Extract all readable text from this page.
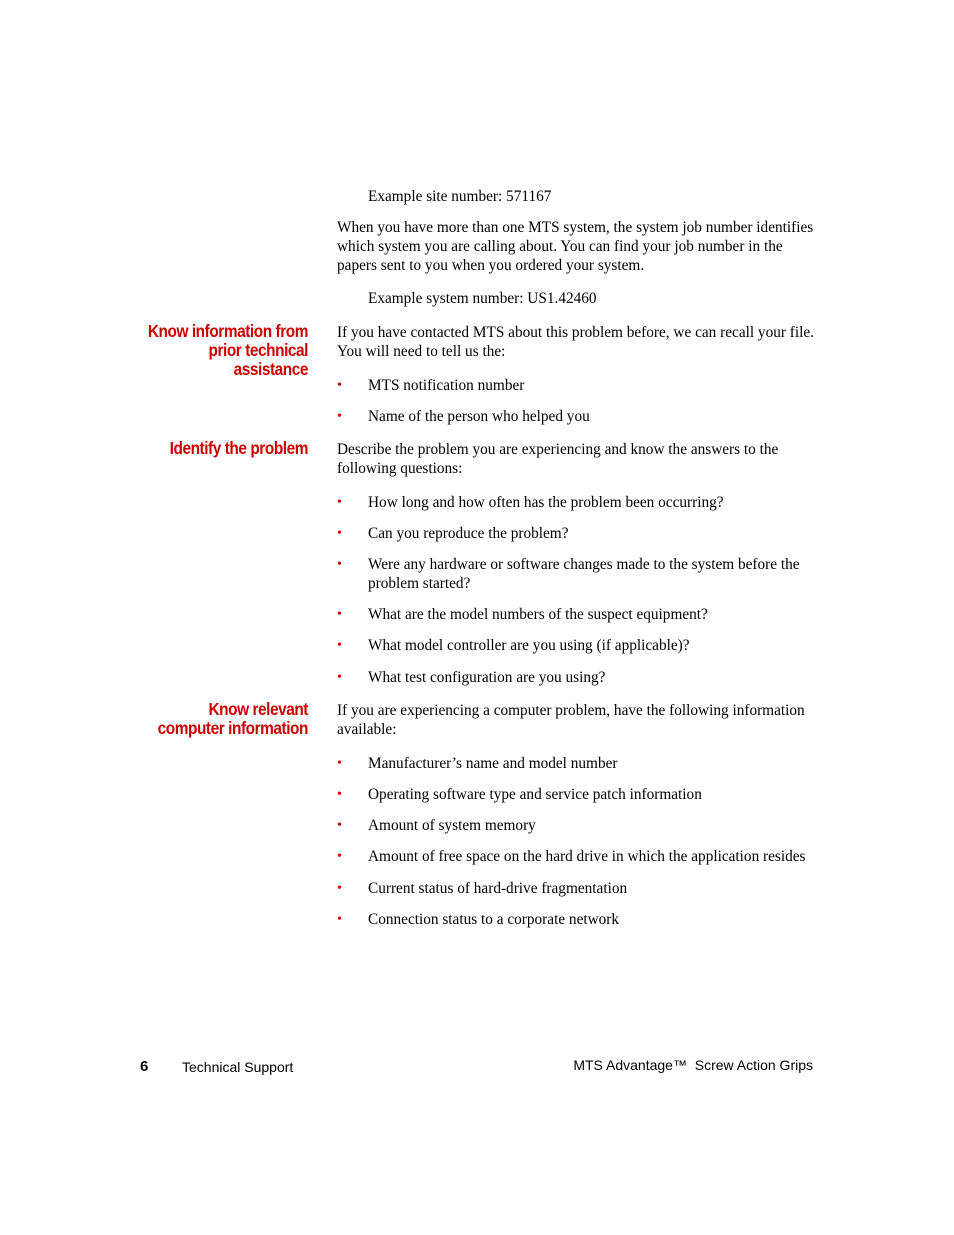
Example site number: 571167
When you have more than one MTS system, the system job number identifies which system you are calling about. You can find your job number in the papers sent to you when you ordered your system.
Example system number: US1.42460
Know information from
prior technical
assistance
If you have contacted MTS about this problem before, we can recall your file. You will need to tell us the:
• MTS notification number
• Name of the person who helped you
Identify the problem Describe the problem you are experiencing and know the answers to the following questions:
• How long and how often has the problem been occurring?
• Can you reproduce the problem?
• Were any hardware or software changes made to the system before the problem started?
• What are the model numbers of the suspect equipment?
• What model controller are you using (if applicable)?
• What test configuration are you using?
Know relevant
computer information
If you are experiencing a computer problem, have the following information available:
• Manufacturer’s name and model number
• Operating software type and service patch information
• Amount of system memory
• Amount of free space on the hard drive in which the application resides
• Current status of hard-drive fragmentation
• Connection status to a corporate network
6 Technical Support	MTS Advantage™  Screw Action Grips
